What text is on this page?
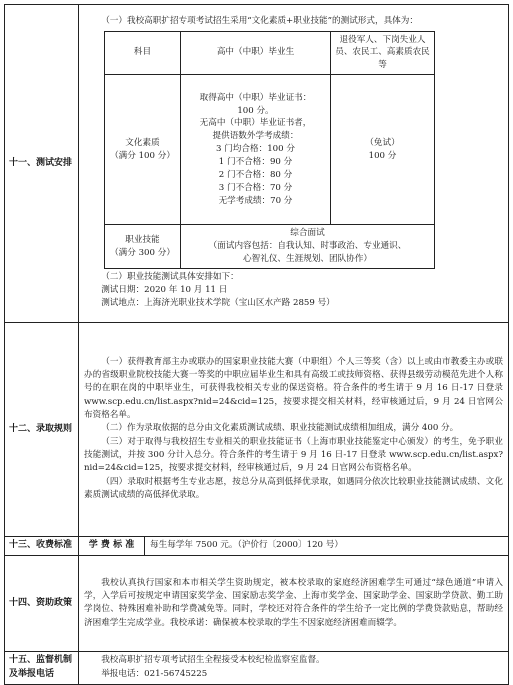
十一、测试安排	

（一）我校高职扩招专项考试招生采用“文化素质+职业技能”的测试形式，具体为：

科目	高中（中职）毕业生	退役军人、下岗失业人员、农民工、高素质农民等
文化素质
（满分 100 分）	取得高中（中职）毕业证书：
100 分。
无高中（中职）毕业证书者，
提供语数外学考成绩：
3 门均合格：100 分
1 门不合格：90 分
2 门不合格：80 分
3 门不合格：70 分
无学考成绩：70 分	（免试）
100 分
职业技能
（满分 300 分）	综合面试
（面试内容包括：自我认知、时事政治、专业通识、
心智礼仪、生涯规划、团队协作）

（二）职业技能测试具体安排如下：

测试日期：2020 年 10 月 11 日

测试地点：上海济光职业技术学院（宝山区水产路 2859 号）

十二、录取规则	

（一）获得教育部主办或联办的国家职业技能大赛（中职组）个人三等奖（含）以上或由市教委主办或联办的省级职业院校技能大赛一等奖的中职应届毕业生和具有高级工或技师资格、获得县级劳动模范先进个人称号的在职在岗的中职毕业生，可获得我校相关专业的保送资格。符合条件的考生请于 9 月 16 日-17 日登录 www.scp.edu.cn/list.aspx?nid=24&cid=125，按要求提交相关材料，经审核通过后，9 月 24 日官网公布资格名单。

（二）作为录取依据的总分由文化素质测试成绩、职业技能测试成绩相加组成，满分 400 分。

（三）对于取得与我校招生专业相关的职业技能证书（上海市职业技能鉴定中心颁发）的考生，免予职业技能测试，并按 300 分计入总分。符合条件的考生请于 9 月 16 日-17 日登录 www.scp.edu.cn/list.aspx?nid=24&cid=125，按要求提交材料，经审核通过后，9 月 24 日官网公布资格名单。

（四）录取时根据考生专业志愿，按总分从高到低择优录取，如遇同分依次比较职业技能测试成绩、文化素质测试成绩的高低择优录取。

十三、收费标准	学 费 标 准	每生每学年 7500 元。（沪价行〔2000〕120 号）
十四、资助政策	

我校认真执行国家和本市相关学生资助规定，被本校录取的家庭经济困难学生可通过“绿色通道”申请入学，入学后可按规定申请国家奖学金、国家励志奖学金、上海市奖学金、国家助学金、国家助学贷款、勤工助学岗位、特殊困难补助和学费减免等。同时，学校还对符合条件的学生给予一定比例的学费贷款贴息，帮助经济困难学生完成学业。我校承诺：确保被本校录取的学生不因家庭经济困难而辍学。

十五、监督机制及举报电话	

我校高职扩招专项考试招生全程接受本校纪检监察室监督。

举报电话：021-56745225
